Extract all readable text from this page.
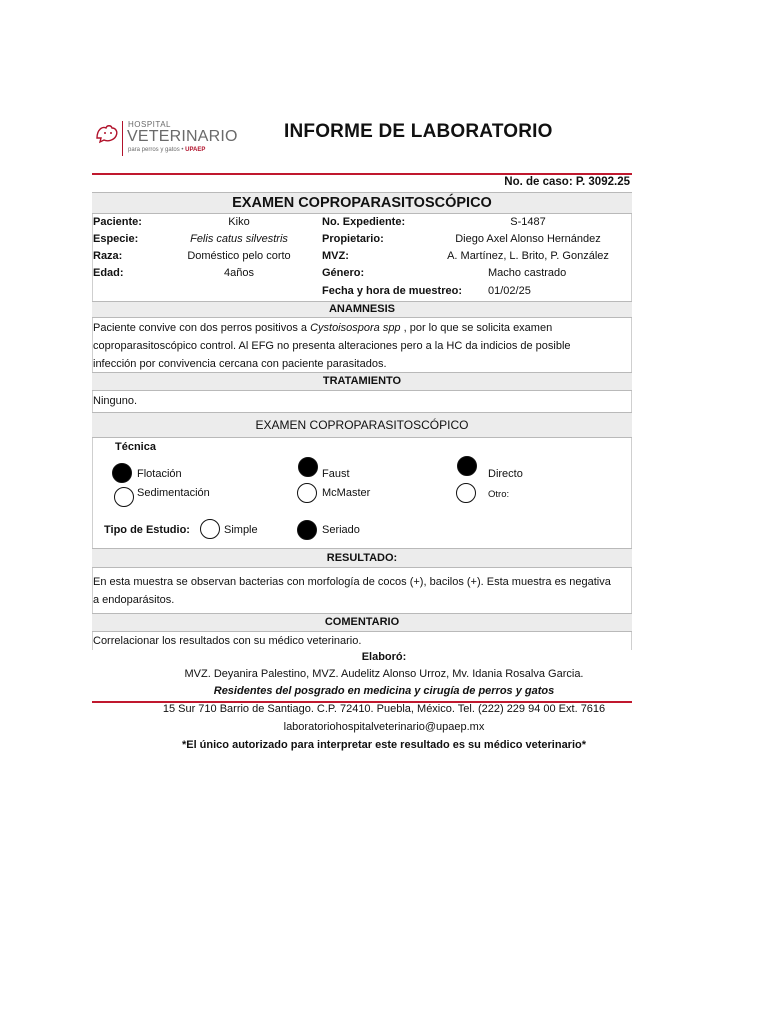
HOSPITAL
VETERINARIO
para perros y gatos • UPAEP
INFORME DE LABORATORIO
No. de caso: P. 3092.25
EXAMEN COPROPARASITOSCÓPICO
Paciente:	Kiko
Especie:	Felis catus silvestris
Raza:	Doméstico pelo corto
Edad:	4años
No. Expediente:	S-1487
Propietario:	Diego Axel Alonso Hernández
MVZ:	A. Martínez, L. Brito, P. González
Género:	Macho castrado
Fecha y hora de muestreo: 01/02/25
ANAMNESIS
Paciente convive con dos perros positivos a Cystoisospora spp , por lo que se solicita examen
coproparasitoscópico control. Al EFG no presenta alteraciones pero a la HC da indicios de posible
infección por convivencia cercana con paciente parasitados.
TRATAMIENTO
Ninguno.
EXAMEN COPROPARASITOSCÓPICO
Técnica
Flotación
Sedimentación
Faust
McMaster
Directo
Otro:
Tipo de Estudio:	Simple	Seriado
RESULTADO:
En esta muestra se observan bacterias con morfología de cocos (+), bacilos (+). Esta muestra es negativa
a endoparásitos.
COMENTARIO
Correlacionar los resultados con su médico veterinario.
Elaboró:
MVZ. Deyanira Palestino, MVZ. Audelitz Alonso Urroz, Mv. Idania Rosalva Garcia.
Residentes del posgrado en medicina y cirugía de perros y gatos
15 Sur 710 Barrio de Santiago. C.P. 72410. Puebla, México. Tel. (222) 229 94 00 Ext. 7616
laboratoriohospitalveterinario@upaep.mx
*El único autorizado para interpretar este resultado es su médico veterinario*
